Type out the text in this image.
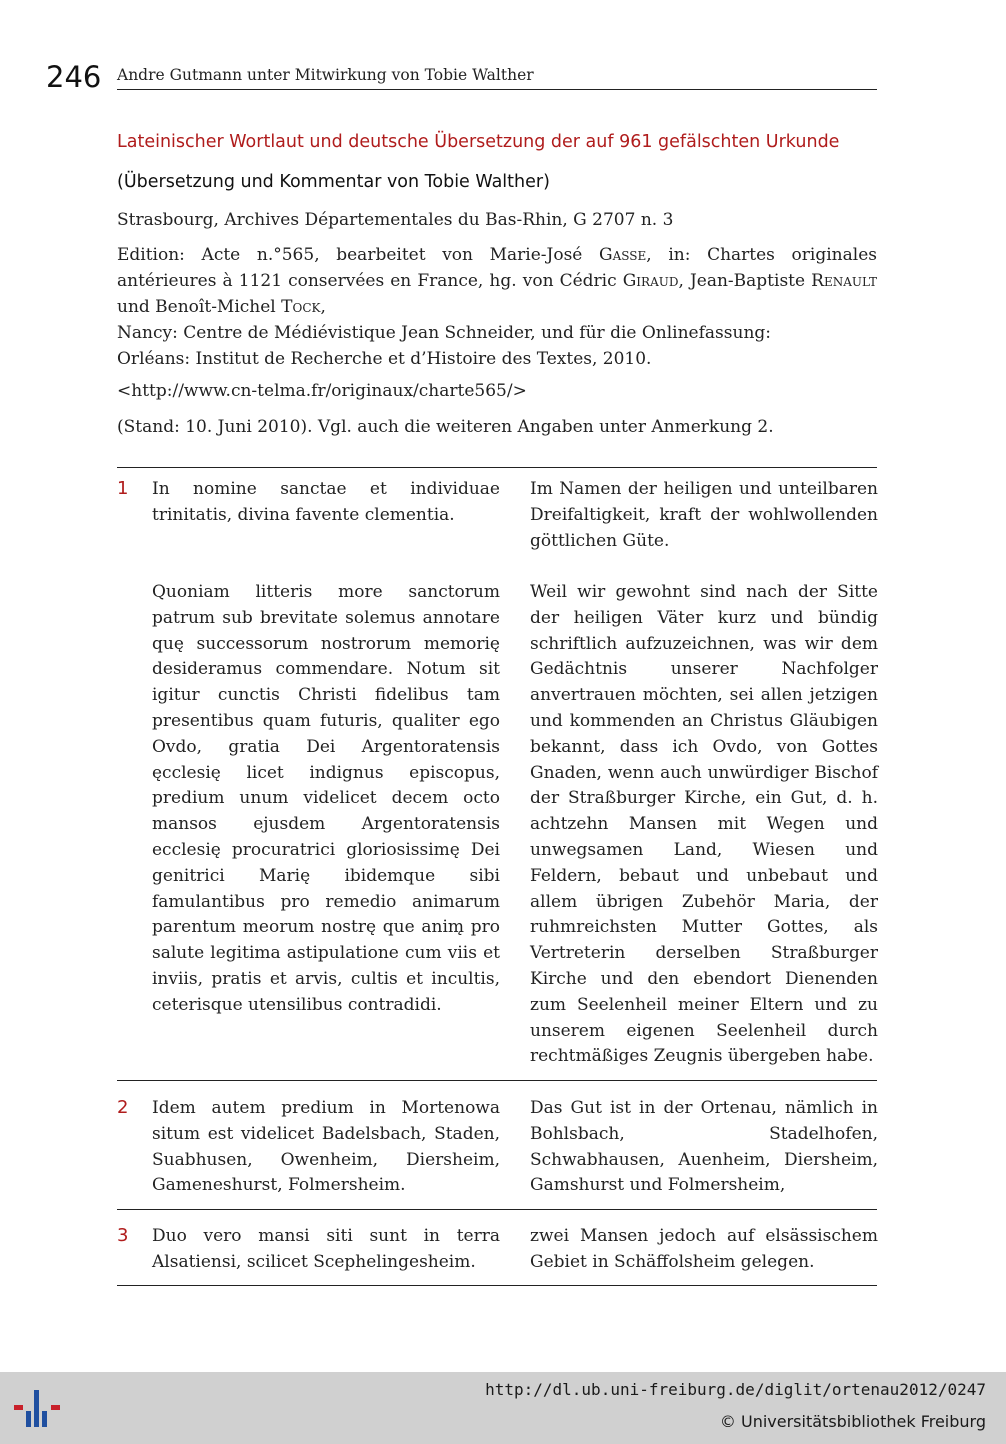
246 Andre Gutmann unter Mitwirkung von Tobie Walther
Lateinischer Wortlaut und deutsche Übersetzung der auf 961 gefälschten Urkunde
(Übersetzung und Kommentar von Tobie Walther)

Strasbourg, Archives Départementales du Bas-Rhin, G 2707 n. 3

Edition: Acte n.°565, bearbeitet von Marie-José Gasse, in: Chartes originales antérieures à 1121 conservées en France, hg. von Cédric Giraud, Jean-Baptiste Renault und Benoît-Michel Tock,

Nancy: Centre de Médiévistique Jean Schneider, und für die Onlinefassung:

Orléans: Institut de Recherche et d’Histoire des Textes, 2010.

<http://www.cn-telma.fr/originaux/charte565/>

(Stand: 10. Juni 2010). Vgl. auch die weiteren Angaben unter Anmerkung 2.

1 In nomine sanctae et individuae trinitatis, divina favente clementia.

Im Namen der heiligen und unteilbaren Dreifaltigkeit, kraft der wohlwollenden göttlichen Güte.

Quoniam litteris more sanctorum patrum sub brevitate solemus annotare quę successorum nostrorum memorię desideramus commendare. Notum sit igitur cunctis Christi fidelibus tam presentibus quam futuris, qualiter ego Ovdo, gratia Dei Argentoratensis ęcclesię licet indignus episcopus, predium unum videlicet decem octo mansos ejusdem Argentoratensis ecclesię procuratrici gloriosissimę Dei genitrici Marię ibidemque sibi famulantibus pro remedio animarum parentum meorum nostrę que anim̨ pro salute legitima astipulatione cum viis et inviis, pratis et arvis, cultis et incultis, ceterisque utensilibus contradidi.

Weil wir gewohnt sind nach der Sitte der heiligen Väter kurz und bündig schriftlich aufzuzeichnen, was wir dem Gedächtnis unserer Nachfolger anvertrauen möchten, sei allen jetzigen und kommenden an Christus Gläubigen bekannt, dass ich Ovdo, von Gottes Gnaden, wenn auch unwürdiger Bischof der Straßburger Kirche, ein Gut, d. h. achtzehn Mansen mit Wegen und unwegsamen Land, Wiesen und Feldern, bebaut und unbebaut und allem übrigen Zubehör Maria, der ruhmreichsten Mutter Gottes, als Vertreterin derselben Straßburger Kirche und den ebendort Dienenden zum Seelenheil meiner Eltern und zu unserem eigenen Seelenheil durch rechtmäßiges Zeugnis übergeben habe.

2 Idem autem predium in Mortenowa situm est videlicet Badelsbach, Staden, Suabhusen, Owenheim, Diersheim, Gameneshurst, Folmersheim.

Das Gut ist in der Ortenau, nämlich in Bohlsbach, Stadelhofen, Schwabhausen, Auenheim, Diersheim, Gamshurst und Folmersheim,

3 Duo vero mansi siti sunt in terra Alsatiensi, scilicet Scephelingesheim.

zwei Mansen jedoch auf elsässischem Gebiet in Schäffolsheim gelegen.

http://dl.ub.uni-freiburg.de/diglit/ortenau2012/0247
© Universitätsbibliothek Freiburg
